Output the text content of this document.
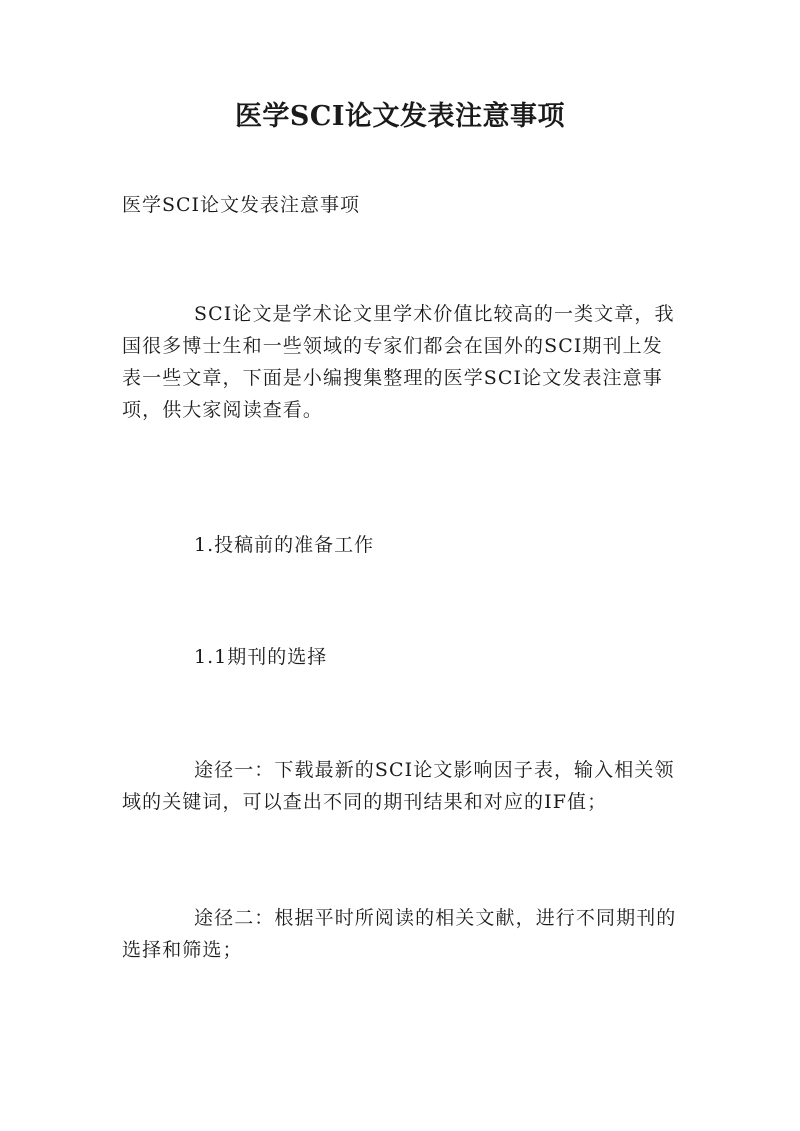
医学SCI论文发表注意事项
医学SCI论文发表注意事项

SCI论文是学术论文里学术价值比较高的一类文章，我国很多博士生和一些领域的专家们都会在国外的SCI期刊上发表一些文章，下面是小编搜集整理的医学SCI论文发表注意事项，供大家阅读查看。

1.投稿前的准备工作
1.1期刊的选择

途径一：下载最新的SCI论文影响因子表，输入相关领域的关键词，可以查出不同的期刊结果和对应的IF值；

途径二：根据平时所阅读的相关文献，进行不同期刊的选择和筛选；
